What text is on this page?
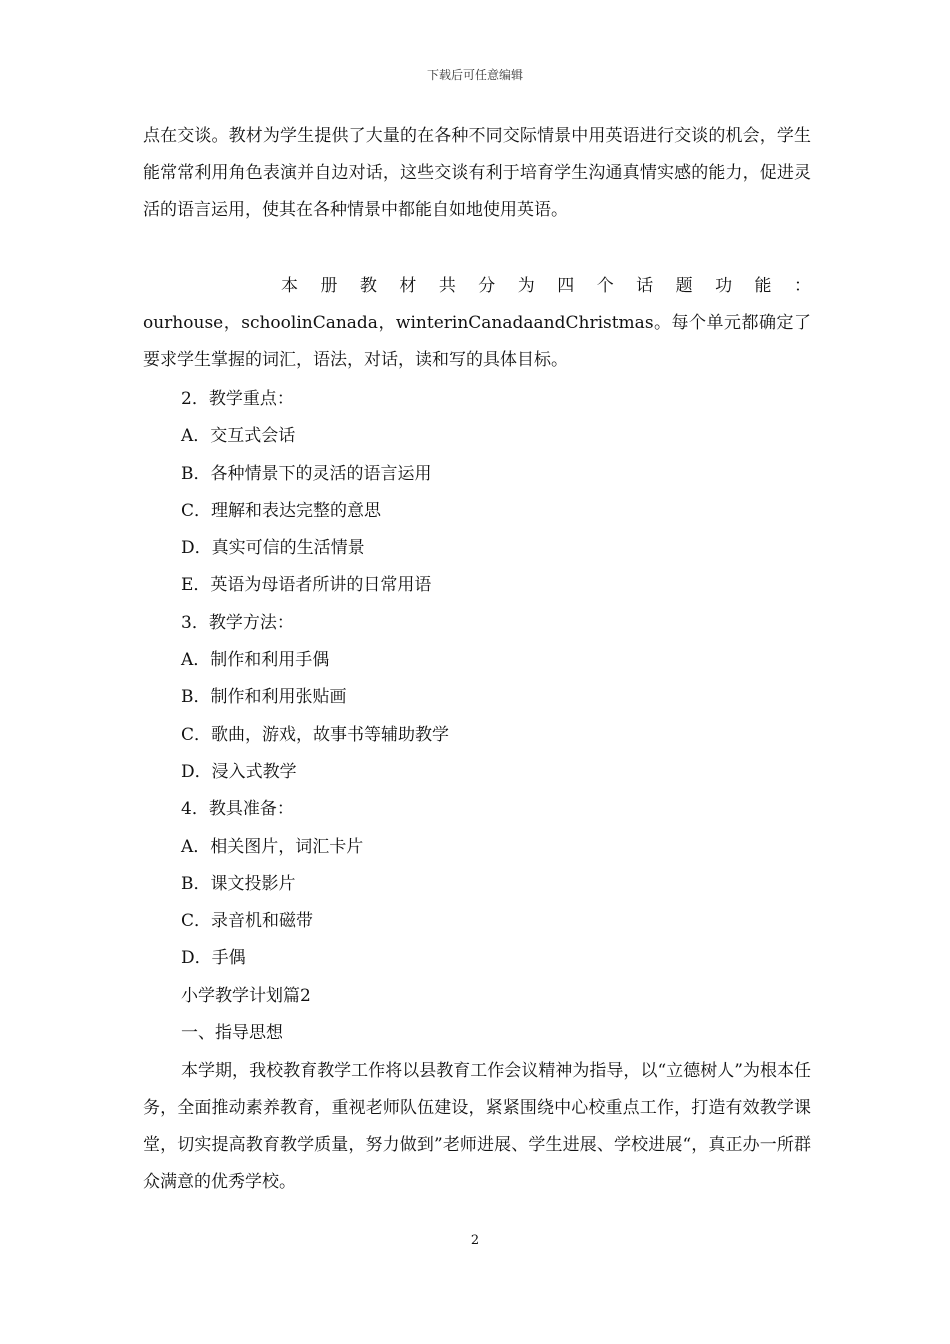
下载后可任意编辑

点在交谈。教材为学生提供了大量的在各种不同交际情景中用英语进行交谈的机会，学生能常常利用角色表演并自边对话，这些交谈有利于培育学生沟通真情实感的能力，促进灵活的语言运用，使其在各种情景中都能自如地使用英语。

本册教材共分为四个话题功能：
ourhouse，schoolinCanada，winterinCanadaandChristmas。每个单元都确定了要求学生掌握的词汇，语法，对话，读和写的具体目标。

2．教学重点：
A．交互式会话
B．各种情景下的灵活的语言运用
C．理解和表达完整的意思
D．真实可信的生活情景
E．英语为母语者所讲的日常用语
3．教学方法：
A．制作和利用手偶
B．制作和利用张贴画
C．歌曲，游戏，故事书等辅助教学
D．浸入式教学
4．教具准备：
A．相关图片，词汇卡片
B．课文投影片
C．录音机和磁带
D．手偶
小学教学计划篇2
一、指导思想

本学期，我校教育教学工作将以县教育工作会议精神为指导，以“立德树人”为根本任务，全面推动素养教育，重视老师队伍建设，紧紧围绕中心校重点工作，打造有效教学课堂，切实提高教育教学质量，努力做到”老师进展、学生进展、学校进展“，真正办一所群众满意的优秀学校。

2
